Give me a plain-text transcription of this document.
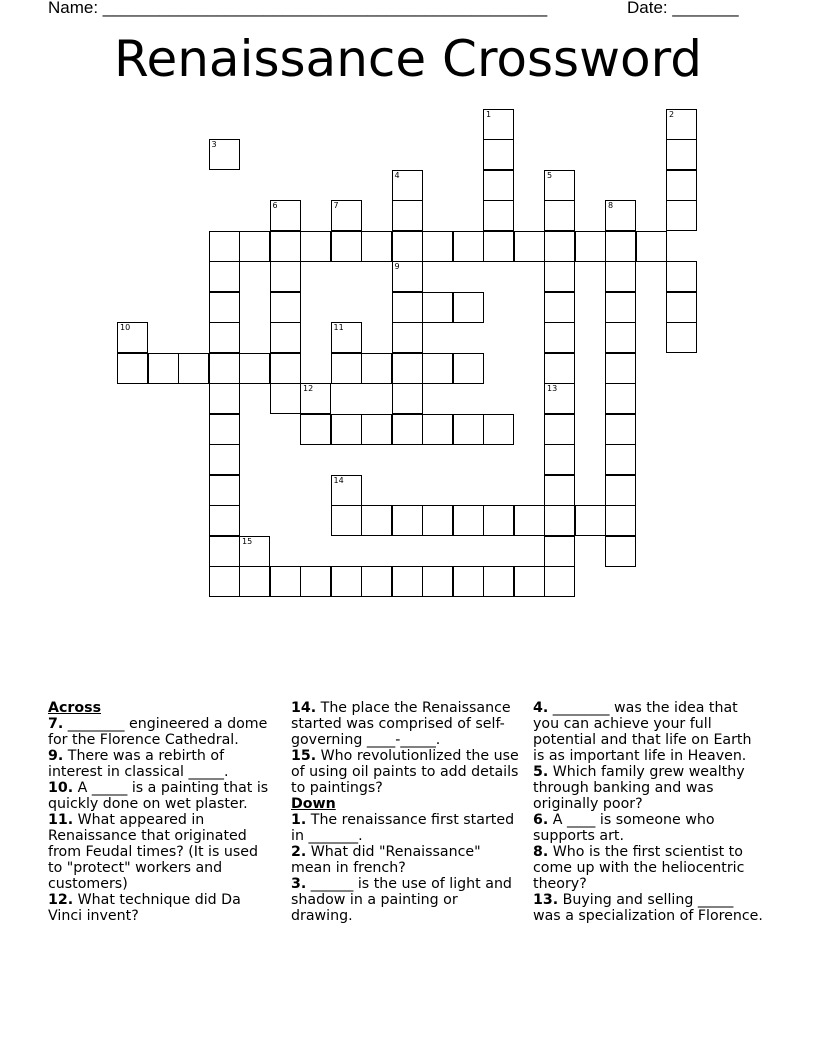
Name: _______________________________________________	Date: _______
Renaissance Crossword
1
9
6
2
3
4	5
7	8
10	11
12	13
14
15
Across
7. ________ engineered a dome for the Florence Cathedral.
9. There was a rebirth of interest in classical _____.
10. A _____ is a painting that is quickly done on wet plaster.
11. What appeared in Renaissance that originated from Feudal times? (It is used to "protect" workers and customers)
12. What technique did Da Vinci invent?
14. The place the Renaissance started was comprised of self-governing ____-_____.
15. Who revolutionlized the use of using oil paints to add details to paintings?
Down
1. The renaissance first started in _______.
2. What did "Renaissance" mean in french?
3. ______ is the use of light and shadow in a painting or drawing.
4. ________ was the idea that you can achieve your full potential and that life on Earth is as important life in Heaven.
5. Which family grew wealthy through banking and was originally poor?
6. A ____ is someone who supports art.
8. Who is the first scientist to come up with the heliocentric theory?
13. Buying and selling _____ was a specialization of Florence.
